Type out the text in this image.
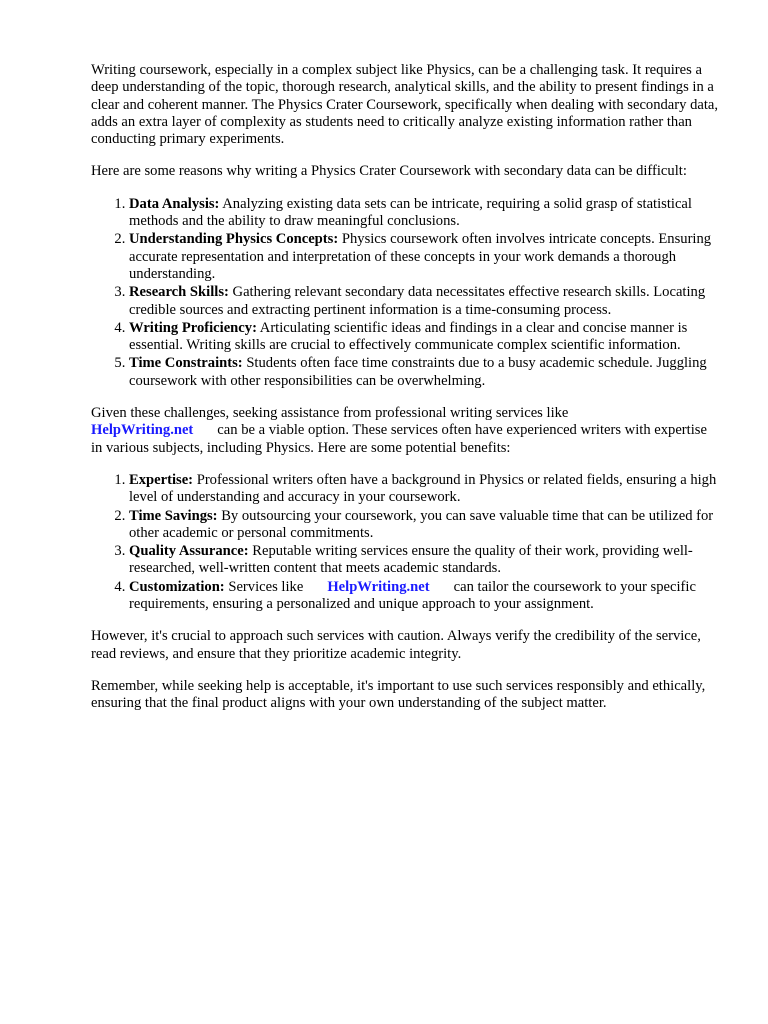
Writing coursework, especially in a complex subject like Physics, can be a challenging task. It requires a deep understanding of the topic, thorough research, analytical skills, and the ability to present findings in a clear and coherent manner. The Physics Crater Coursework, specifically when dealing with secondary data, adds an extra layer of complexity as students need to critically analyze existing information rather than conducting primary experiments.

Here are some reasons why writing a Physics Crater Coursework with secondary data can be difficult:

1. Data Analysis: Analyzing existing data sets can be intricate, requiring a solid grasp of statistical methods and the ability to draw meaningful conclusions.
2. Understanding Physics Concepts: Physics coursework often involves intricate concepts. Ensuring accurate representation and interpretation of these concepts in your work demands a thorough understanding.
3. Research Skills: Gathering relevant secondary data necessitates effective research skills. Locating credible sources and extracting pertinent information is a time-consuming process.
4. Writing Proficiency: Articulating scientific ideas and findings in a clear and concise manner is essential. Writing skills are crucial to effectively communicate complex scientific information.
5. Time Constraints: Students often face time constraints due to a busy academic schedule. Juggling coursework with other responsibilities can be overwhelming.

Given these challenges, seeking assistance from professional writing services like
HelpWriting.net can be a viable option. These services often have experienced writers with expertise in various subjects, including Physics. Here are some potential benefits:

1. Expertise: Professional writers often have a background in Physics or related fields, ensuring a high level of understanding and accuracy in your coursework.
2. Time Savings: By outsourcing your coursework, you can save valuable time that can be utilized for other academic or personal commitments.
3. Quality Assurance: Reputable writing services ensure the quality of their work, providing well-researched, well-written content that meets academic standards.
4. Customization: Services like HelpWriting.net can tailor the coursework to your specific requirements, ensuring a personalized and unique approach to your assignment.

However, it's crucial to approach such services with caution. Always verify the credibility of the service, read reviews, and ensure that they prioritize academic integrity.

Remember, while seeking help is acceptable, it's important to use such services responsibly and ethically, ensuring that the final product aligns with your own understanding of the subject matter.
